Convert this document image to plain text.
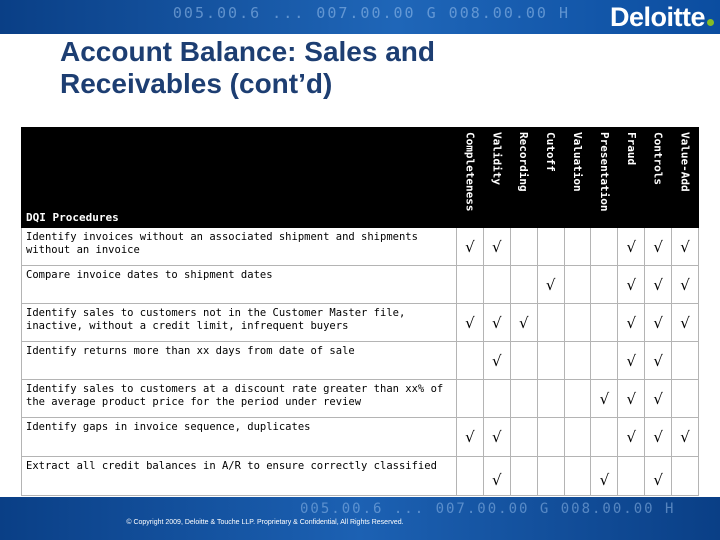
005.00.6 ... 007.00.00 G 008.00.00 H Deloitte
Account Balance: Sales and Receivables (cont’d)
DQI Procedures	Completeness	Validity	Recording	Cutoff	Valuation	Presentation	Fraud	Controls	Value-Add

Identify invoices without an associated shipment and shipments without an invoice	√	√					√	√	√
Compare invoice dates to shipment dates				√			√	√	√
Identify sales to customers not in the Customer Master file, inactive, without a credit limit, infrequent buyers	√	√	√				√	√	√
Identify returns more than xx days from date of sale		√					√	√	
Identify sales to customers at a discount rate greater than xx% of the average product price for the period under review						√	√	√	
Identify gaps in invoice sequence, duplicates	√	√					√	√	√
Extract all credit balances in A/R to ensure correctly classified		√				√		√	
005.00.6 ... 007.00.00 G 008.00.00 H
© Copyright 2009, Deloitte & Touche LLP. Proprietary & Confidential, All Rights Reserved.
